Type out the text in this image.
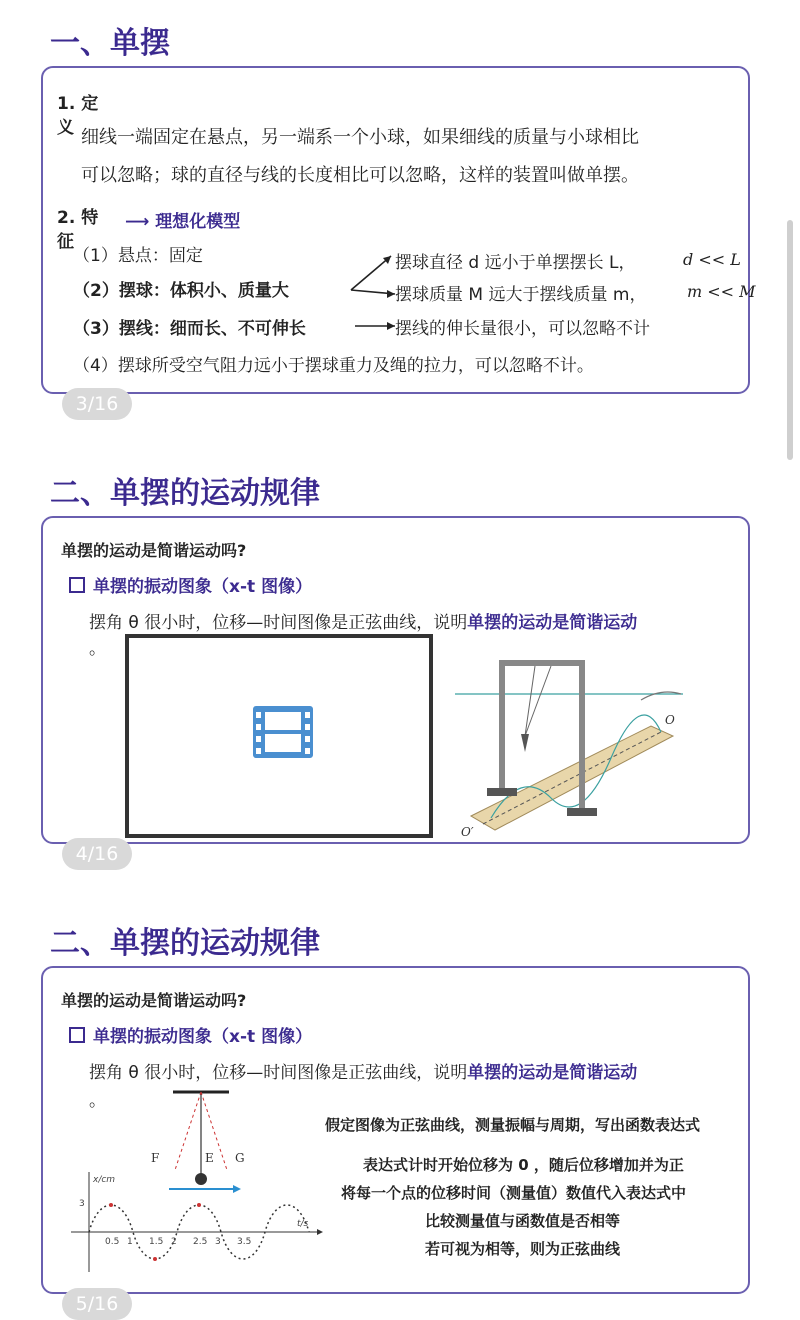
一、单摆
1. 定义 细线一端固定在悬点，另一端系一个小球，如果细线的质量与小球相比
可以忽略；球的直径与线的长度相比可以忽略，这样的装置叫做单摆。
2. 特征
⟶ 理想化模型
（1）悬点：固定
（2）摆球：体积小、质量大
（3）摆线：细而长、不可伸长
（4）摆球所受空气阻力远小于摆球重力及绳的拉力，可以忽略不计。
摆球直径 d 远小于单摆摆长 L，	d << L
摆球质量 M 远大于摆线质量 m，	m << M
摆线的伸长量很小，可以忽略不计
3/16
二、单摆的运动规律
单摆的运动是简谐运动吗?
单摆的振动图象（x-t 图像）
摆角 θ 很小时，位移—时间图像是正弦曲线，说明单摆的运动是简谐运动
。
O
O′
4/16
二、单摆的运动规律
单摆的运动是简谐运动吗?
单摆的振动图象（x-t 图像）
摆角 θ 很小时，位移—时间图像是正弦曲线，说明单摆的运动是简谐运动
。
F	E G
x/cm
t/s
3
0.5 1 1.5 2 2.5 3 3.5
假定图像为正弦曲线，测量振幅与周期，写出函数表达式
表达式计时开始位移为 0 ，随后位移增加并为正
将每一个点的位移时间（测量值）数值代入表达式中
比较测量值与函数值是否相等
若可视为相等，则为正弦曲线
5/16
